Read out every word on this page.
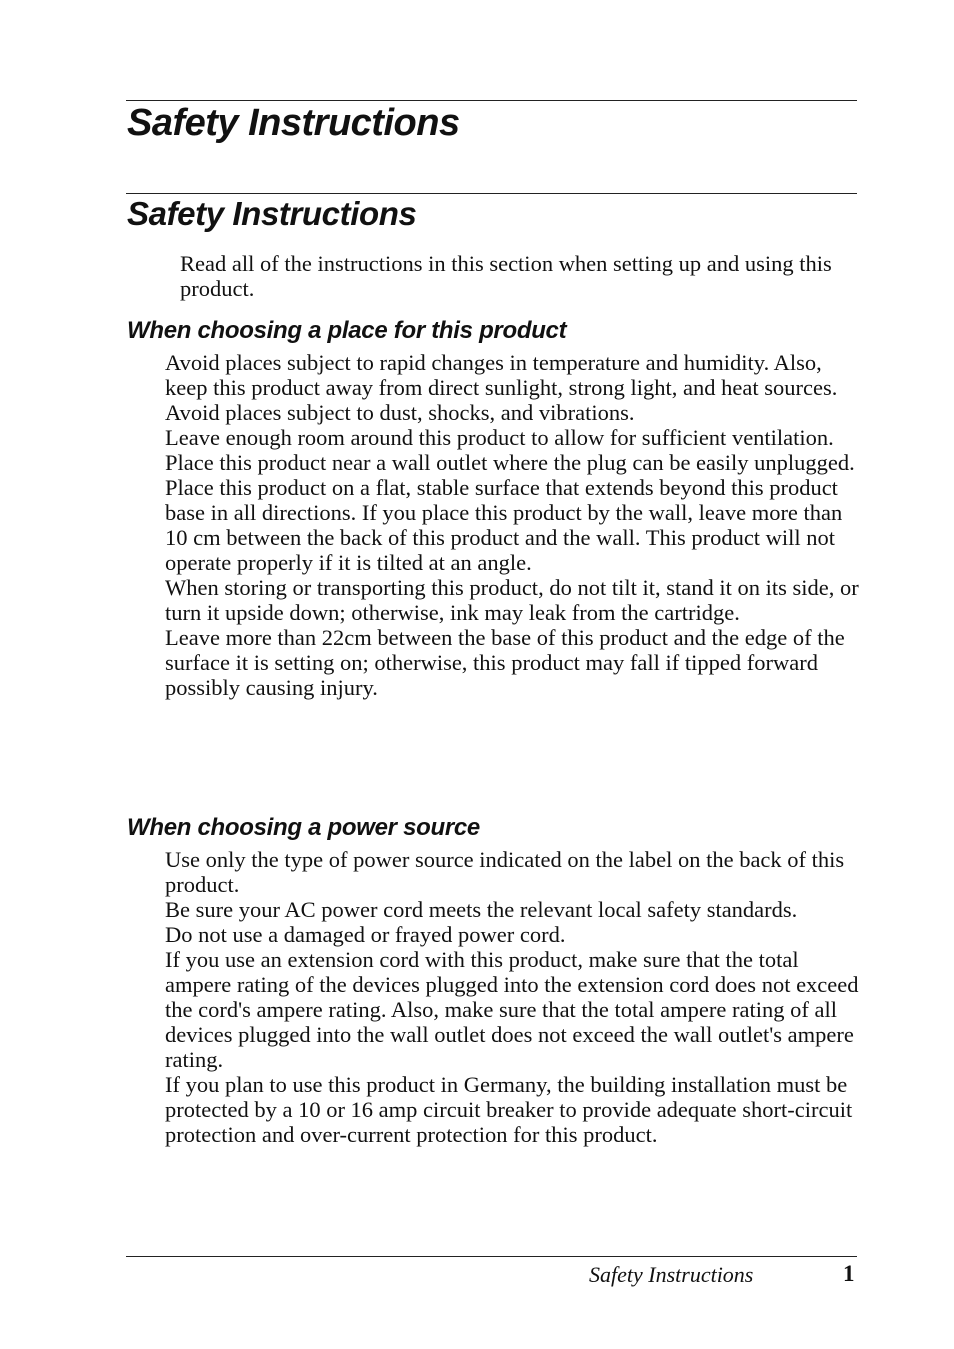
Safety Instructions
Safety Instructions

Read all of the instructions in this section when setting up and using this product.

When choosing a place for this product
Avoid places subject to rapid changes in temperature and humidity. Also, keep this product away from direct sunlight, strong light, and heat sources.
Avoid places subject to dust, shocks, and vibrations.
Leave enough room around this product to allow for sufficient ventilation.
Place this product near a wall outlet where the plug can be easily unplugged.
Place this product on a flat, stable surface that extends beyond this product base in all directions. If you place this product by the wall, leave more than 10 cm between the back of this product and the wall. This product will not operate properly if it is tilted at an angle.
When storing or transporting this product, do not tilt it, stand it on its side, or turn it upside down; otherwise, ink may leak from the cartridge.
Leave more than 22cm between the base of this product and the edge of the surface it is setting on; otherwise, this product may fall if tipped forward possibly causing injury.
When choosing a power source
Use only the type of power source indicated on the label on the back of this product.
Be sure your AC power cord meets the relevant local safety standards.
Do not use a damaged or frayed power cord.
If you use an extension cord with this product, make sure that the total ampere rating of the devices plugged into the extension cord does not exceed the cord's ampere rating. Also, make sure that the total ampere rating of all devices plugged into the wall outlet does not exceed the wall outlet's ampere rating.
If you plan to use this product in Germany, the building installation must be protected by a 10 or 16 amp circuit breaker to provide adequate short-circuit protection and over-current protection for this product.

Safety Instructions	1
